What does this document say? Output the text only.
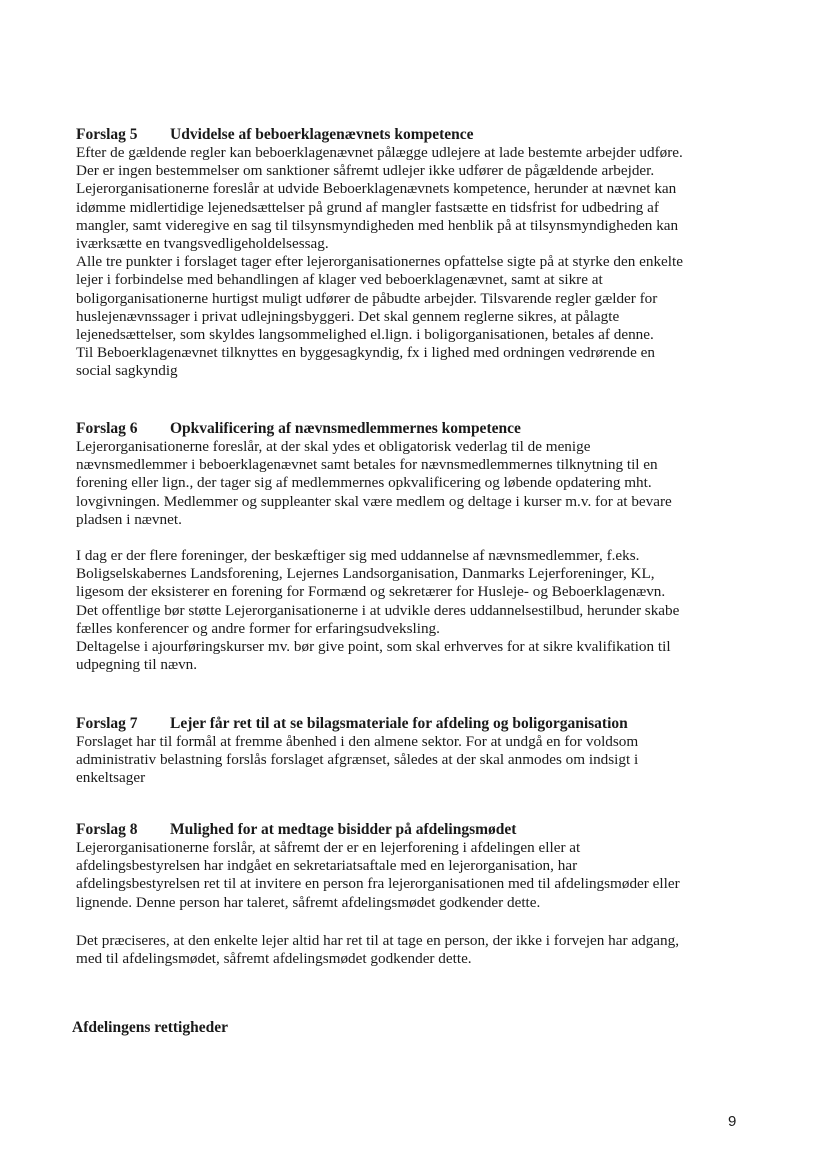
Forslag 5 Udvidelse af beboerklagenævnets kompetence
Efter de gældende regler kan beboerklagenævnet pålægge udlejere at lade bestemte arbejder udføre.
Der er ingen bestemmelser om sanktioner såfremt udlejer ikke udfører de pågældende arbejder.
Lejerorganisationerne foreslår at udvide Beboerklagenævnets kompetence, herunder at nævnet kan
idømme midlertidige lejenedsættelser på grund af mangler fastsætte en tidsfrist for udbedring af
mangler, samt videregive en sag til tilsynsmyndigheden med henblik på at tilsynsmyndigheden kan
iværksætte en tvangsvedligeholdelsessag.
Alle tre punkter i forslaget tager efter lejerorganisationernes opfattelse sigte på at styrke den enkelte
lejer i forbindelse med behandlingen af klager ved beboerklagenævnet, samt at sikre at
boligorganisationerne hurtigst muligt udfører de påbudte arbejder. Tilsvarende regler gælder for
huslejenævnssager i privat udlejningsbyggeri. Det skal gennem reglerne sikres, at pålagte
lejenedsættelser, som skyldes langsommelighed el.lign. i boligorganisationen, betales af denne.
Til Beboerklagenævnet tilknyttes en byggesagkyndig, fx i lighed med ordningen vedrørende en
social sagkyndig
Forslag 6 Opkvalificering af nævnsmedlemmernes kompetence
Lejerorganisationerne foreslår, at der skal ydes et obligatorisk vederlag til de menige
nævnsmedlemmer i beboerklagenævnet samt betales for nævnsmedlemmernes tilknytning til en
forening eller lign., der tager sig af medlemmernes opkvalificering og løbende opdatering mht.
lovgivningen. Medlemmer og suppleanter skal være medlem og deltage i kurser m.v. for at bevare
pladsen i nævnet.
I dag er der flere foreninger, der beskæftiger sig med uddannelse af nævnsmedlemmer, f.eks.
Boligselskabernes Landsforening, Lejernes Landsorganisation, Danmarks Lejerforeninger, KL,
ligesom der eksisterer en forening for Formænd og sekretærer for Husleje- og Beboerklagenævn.
Det offentlige bør støtte Lejerorganisationerne i at udvikle deres uddannelsestilbud, herunder skabe
fælles konferencer og andre former for erfaringsudveksling.
Deltagelse i ajourføringskurser mv. bør give point, som skal erhverves for at sikre kvalifikation til
udpegning til nævn.
Forslag 7 Lejer får ret til at se bilagsmateriale for afdeling og boligorganisation
Forslaget har til formål at fremme åbenhed i den almene sektor. For at undgå en for voldsom
administrativ belastning forslås forslaget afgrænset, således at der skal anmodes om indsigt i
enkeltsager
Forslag 8 Mulighed for at medtage bisidder på afdelingsmødet
Lejerorganisationerne forslår, at såfremt der er en lejerforening i afdelingen eller at
afdelingsbestyrelsen har indgået en sekretariatsaftale med en lejerorganisation, har
afdelingsbestyrelsen ret til at invitere en person fra lejerorganisationen med til afdelingsmøder eller
lignende. Denne person har taleret, såfremt afdelingsmødet godkender dette.
Det præciseres, at den enkelte lejer altid har ret til at tage en person, der ikke i forvejen har adgang,
med til afdelingsmødet, såfremt afdelingsmødet godkender dette.
Afdelingens rettigheder
9
